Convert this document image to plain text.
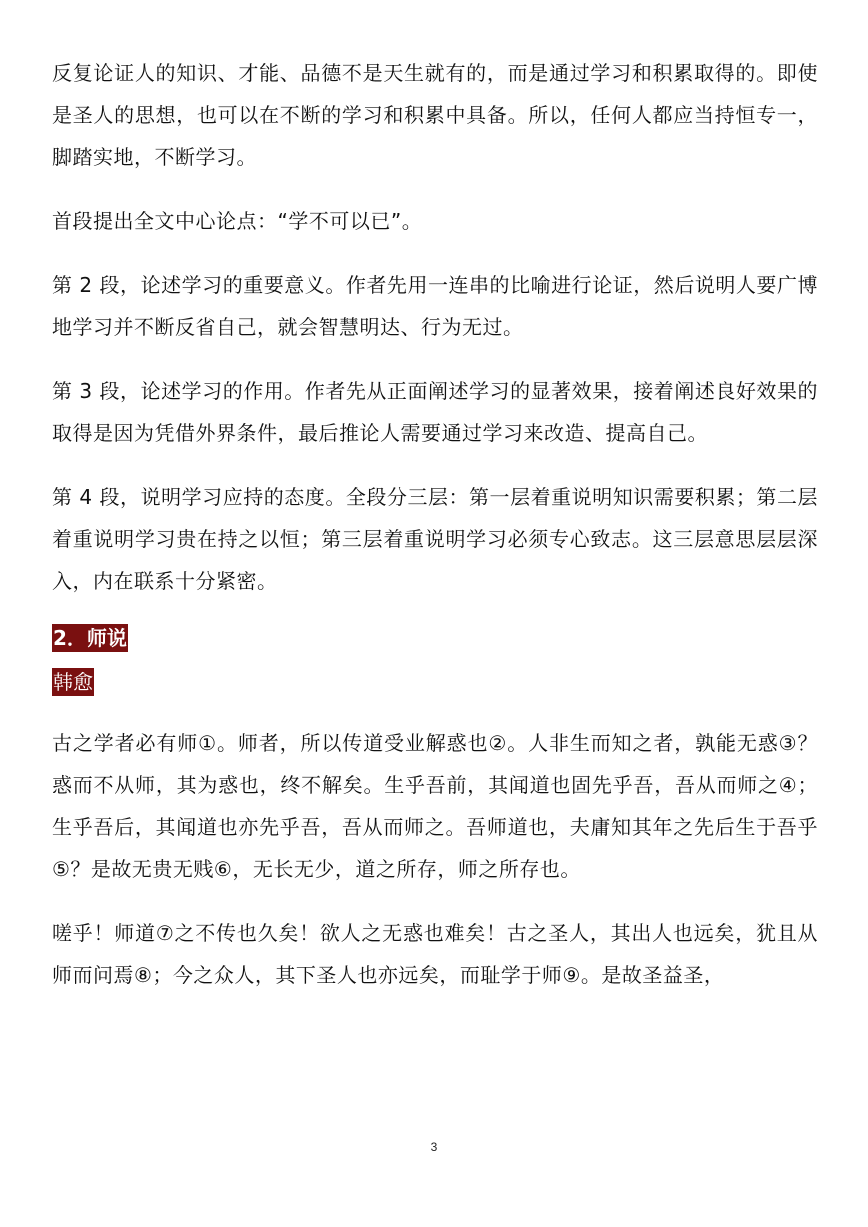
反复论证人的知识、才能、品德不是天生就有的，而是通过学习和积累取得的。即使是圣人的思想，也可以在不断的学习和积累中具备。所以，任何人都应当持恒专一，脚踏实地，不断学习。

首段提出全文中心论点：“学不可以已”。

第 2 段，论述学习的重要意义。作者先用一连串的比喻进行论证，然后说明人要广博地学习并不断反省自己，就会智慧明达、行为无过。

第 3 段，论述学习的作用。作者先从正面阐述学习的显著效果，接着阐述良好效果的取得是因为凭借外界条件，最后推论人需要通过学习来改造、提高自己。

第 4 段，说明学习应持的态度。全段分三层：第一层着重说明知识需要积累；第二层着重说明学习贵在持之以恒；第三层着重说明学习必须专心致志。这三层意思层层深入，内在联系十分紧密。

2．师说
韩愈

古之学者必有师①。师者，所以传道受业解惑也②。人非生而知之者，孰能无惑③？惑而不从师，其为惑也，终不解矣。生乎吾前，其闻道也固先乎吾，吾从而师之④；生乎吾后，其闻道也亦先乎吾，吾从而师之。吾师道也，夫庸知其年之先后生于吾乎⑤？是故无贵无贱⑥，无长无少，道之所存，师之所存也。

嗟乎！师道⑦之不传也久矣！欲人之无惑也难矣！古之圣人，其出人也远矣，犹且从师而问焉⑧；今之众人，其下圣人也亦远矣，而耻学于师⑨。是故圣益圣，

3
